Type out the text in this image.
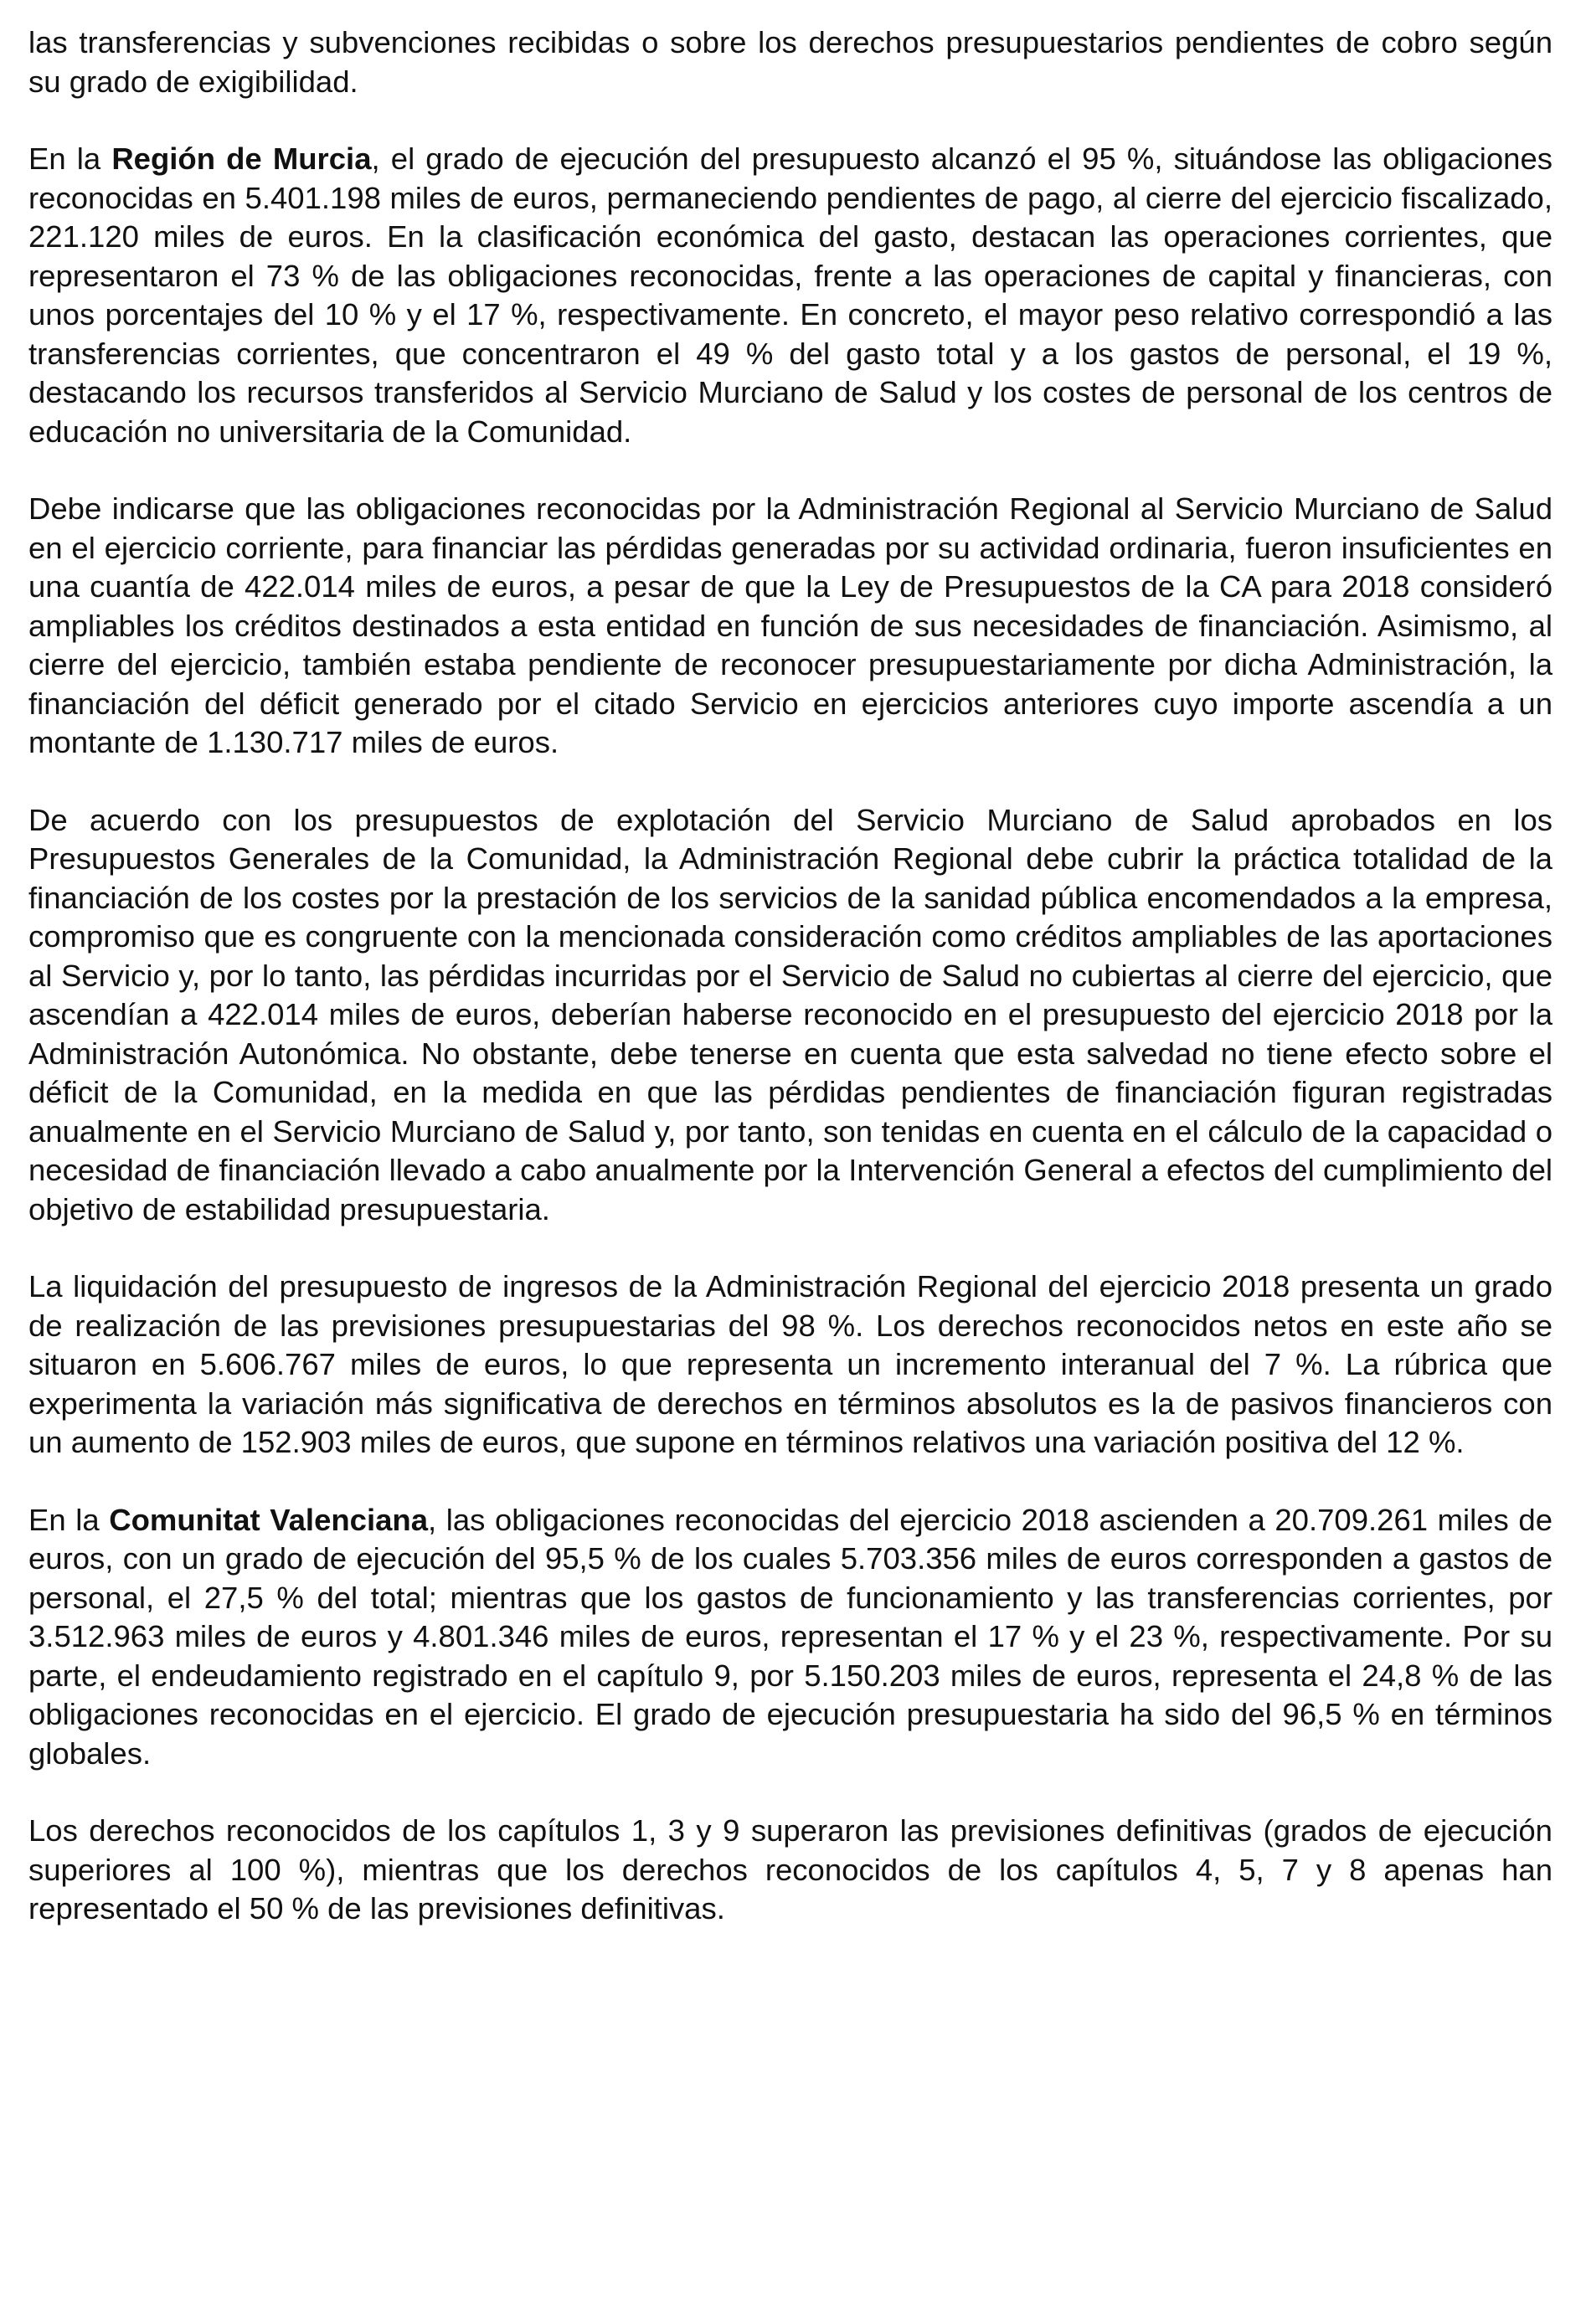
las transferencias y subvenciones recibidas o sobre los derechos presupuestarios pendientes de cobro según su grado de exigibilidad.

En la Región de Murcia, el grado de ejecución del presupuesto alcanzó el 95 %, situándose las obligaciones reconocidas en 5.401.198 miles de euros, permaneciendo pendientes de pago, al cierre del ejercicio fiscalizado, 221.120 miles de euros. En la clasificación económica del gasto, destacan las operaciones corrientes, que representaron el 73 % de las obligaciones reconocidas, frente a las operaciones de capital y financieras, con unos porcentajes del 10 % y el 17 %, respectivamente. En concreto, el mayor peso relativo correspondió a las transferencias corrientes, que concentraron el 49 % del gasto total y a los gastos de personal, el 19 %, destacando los recursos transferidos al Servicio Murciano de Salud y los costes de personal de los centros de educación no universitaria de la Comunidad.

Debe indicarse que las obligaciones reconocidas por la Administración Regional al Servicio Murciano de Salud en el ejercicio corriente, para financiar las pérdidas generadas por su actividad ordinaria, fueron insuficientes en una cuantía de 422.014 miles de euros, a pesar de que la Ley de Presupuestos de la CA para 2018 consideró ampliables los créditos destinados a esta entidad en función de sus necesidades de financiación. Asimismo, al cierre del ejercicio, también estaba pendiente de reconocer presupuestariamente por dicha Administración, la financiación del déficit generado por el citado Servicio en ejercicios anteriores cuyo importe ascendía a un montante de 1.130.717 miles de euros.

De acuerdo con los presupuestos de explotación del Servicio Murciano de Salud aprobados en los Presupuestos Generales de la Comunidad, la Administración Regional debe cubrir la práctica totalidad de la financiación de los costes por la prestación de los servicios de la sanidad pública encomendados a la empresa, compromiso que es congruente con la mencionada consideración como créditos ampliables de las aportaciones al Servicio y, por lo tanto, las pérdidas incurridas por el Servicio de Salud no cubiertas al cierre del ejercicio, que ascendían a 422.014 miles de euros, deberían haberse reconocido en el presupuesto del ejercicio 2018 por la Administración Autonómica. No obstante, debe tenerse en cuenta que esta salvedad no tiene efecto sobre el déficit de la Comunidad, en la medida en que las pérdidas pendientes de financiación figuran registradas anualmente en el Servicio Murciano de Salud y, por tanto, son tenidas en cuenta en el cálculo de la capacidad o necesidad de financiación llevado a cabo anualmente por la Intervención General a efectos del cumplimiento del objetivo de estabilidad presupuestaria.

La liquidación del presupuesto de ingresos de la Administración Regional del ejercicio 2018 presenta un grado de realización de las previsiones presupuestarias del 98 %. Los derechos reconocidos netos en este año se situaron en 5.606.767 miles de euros, lo que representa un incremento interanual del 7 %. La rúbrica que experimenta la variación más significativa de derechos en términos absolutos es la de pasivos financieros con un aumento de 152.903 miles de euros, que supone en términos relativos una variación positiva del 12 %.

En la Comunitat Valenciana, las obligaciones reconocidas del ejercicio 2018 ascienden a 20.709.261 miles de euros, con un grado de ejecución del 95,5 % de los cuales 5.703.356 miles de euros corresponden a gastos de personal, el 27,5 % del total; mientras que los gastos de funcionamiento y las transferencias corrientes, por 3.512.963 miles de euros y 4.801.346 miles de euros, representan el 17 % y el 23 %, respectivamente. Por su parte, el endeudamiento registrado en el capítulo 9, por 5.150.203 miles de euros, representa el 24,8 % de las obligaciones reconocidas en el ejercicio. El grado de ejecución presupuestaria ha sido del 96,5 % en términos globales.

Los derechos reconocidos de los capítulos 1, 3 y 9 superaron las previsiones definitivas (grados de ejecución superiores al 100 %), mientras que los derechos reconocidos de los capítulos 4, 5, 7 y 8 apenas han representado el 50 % de las previsiones definitivas.
